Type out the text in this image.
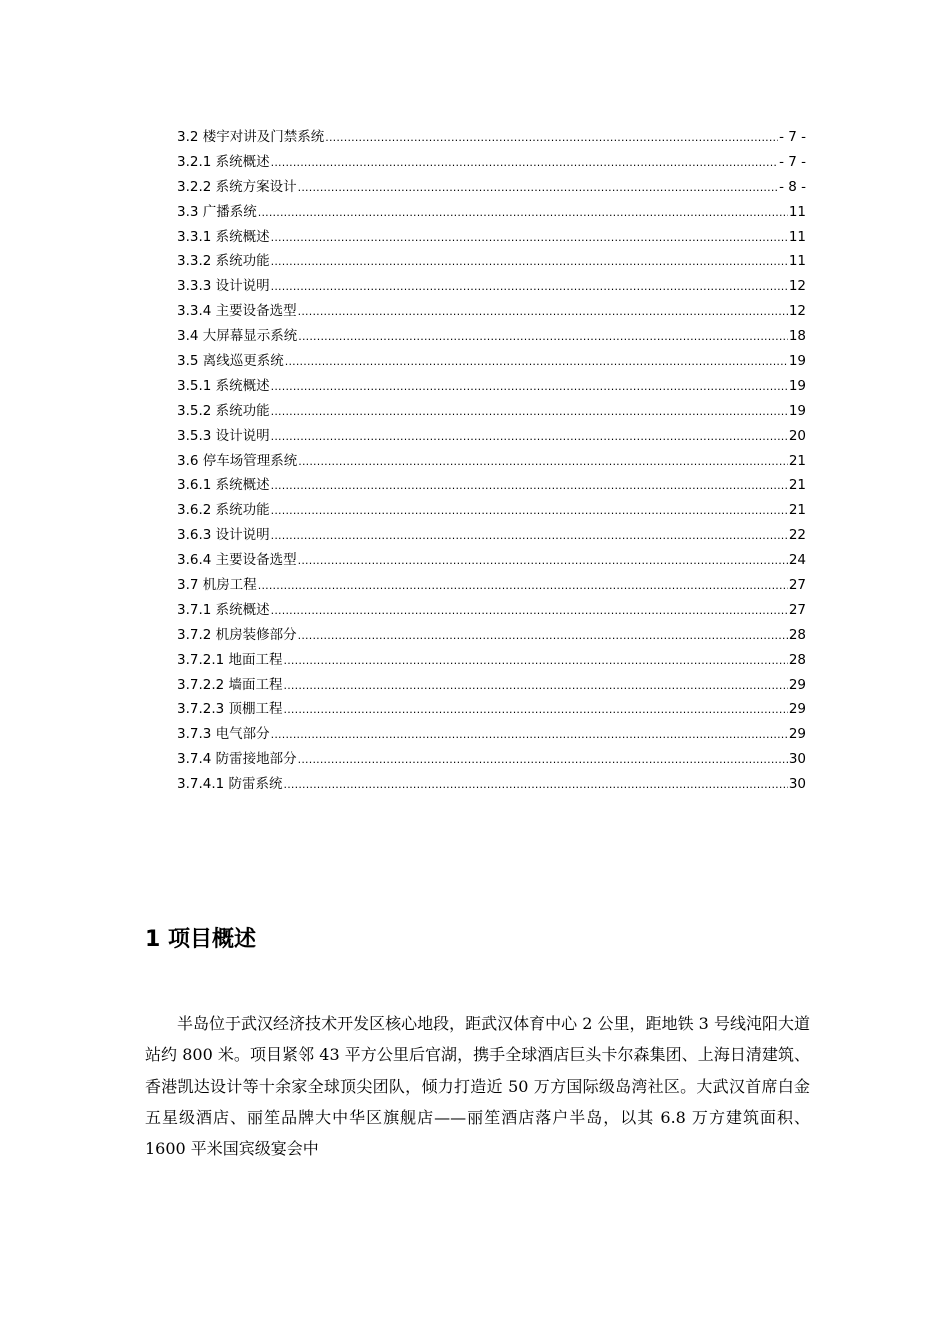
3.2 楼宇对讲及门禁系统 .....	- 7 -
3.2.1 系统概述 .....	- 7 -
3.2.2 系统方案设计 .....	- 8 -
3.3 广播系统 .....	11
3.3.1 系统概述 .....	11
3.3.2 系统功能 .....	11
3.3.3 设计说明 .....	12
3.3.4 主要设备选型 .....	12
3.4 大屏幕显示系统 .....	18
3.5 离线巡更系统 .....	19
3.5.1 系统概述 .....	19
3.5.2 系统功能 .....	19
3.5.3 设计说明 .....	20
3.6 停车场管理系统 .....	21
3.6.1 系统概述 .....	21
3.6.2 系统功能 .....	21
3.6.3 设计说明 .....	22
3.6.4 主要设备选型 .....	24
3.7 机房工程 .....	27
3.7.1 系统概述 .....	27
3.7.2 机房装修部分 .....	28
3.7.2.1 地面工程 .....	28
3.7.2.2 墙面工程 .....	29
3.7.2.3 顶棚工程 .....	29
3.7.3 电气部分 .....	29
3.7.4 防雷接地部分 .....	30
3.7.4.1 防雷系统 .....	30
1 项目概述

半岛位于武汉经济技术开发区核心地段，距武汉体育中心 2 公里，距地铁 3 号线沌阳大道站约 800 米。项目紧邻 43 平方公里后官湖，携手全球酒店巨头卡尔森集团、上海日清建筑、香港凯达设计等十余家全球顶尖团队，倾力打造近 50 万方国际级岛湾社区。大武汉首席白金五星级酒店、丽笙品牌大中华区旗舰店——丽笙酒店落户半岛，以其 6.8 万方建筑面积、1600 平米国宾级宴会中
